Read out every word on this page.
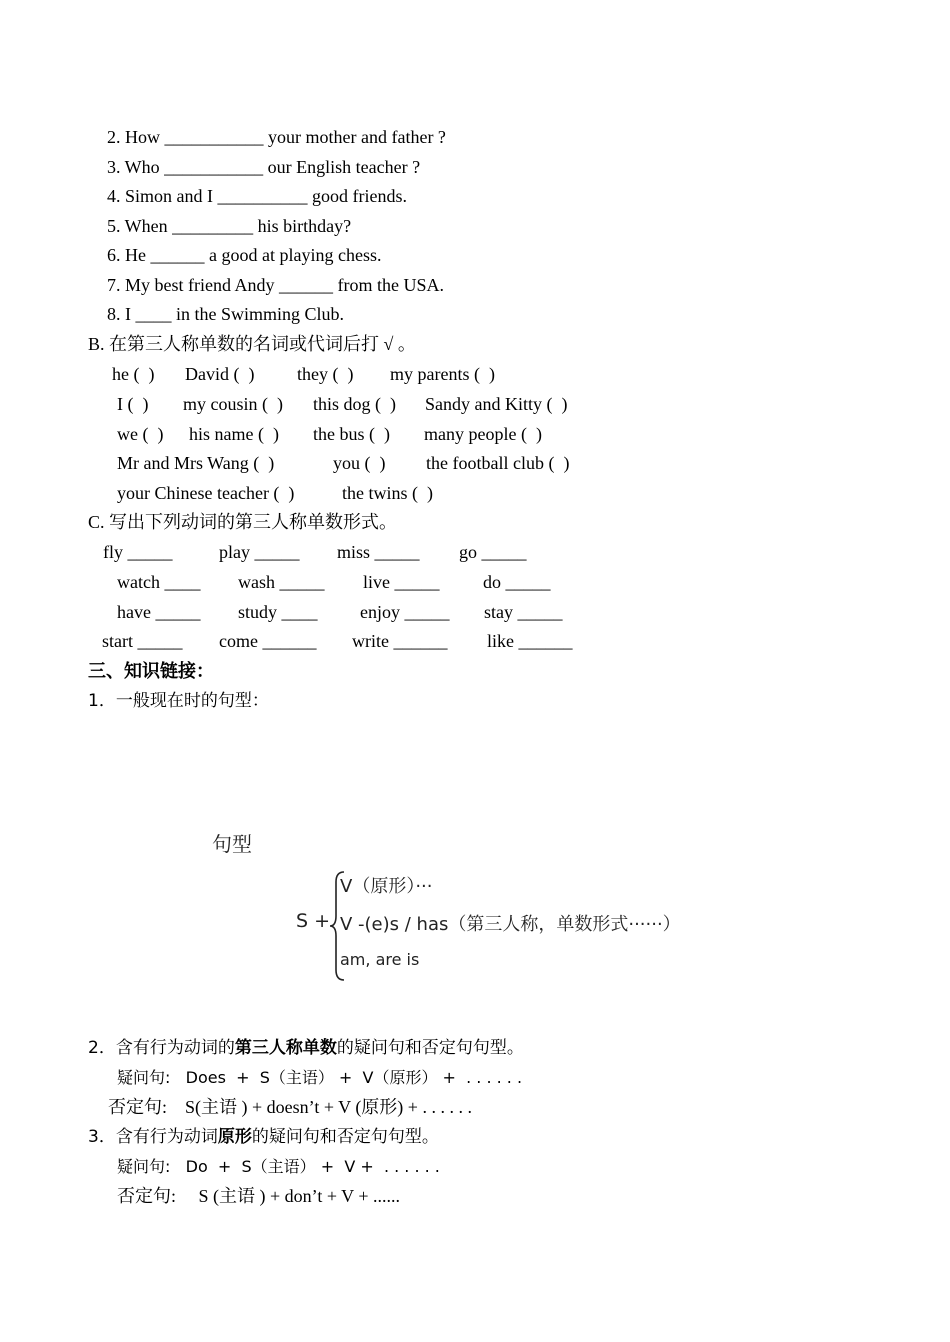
2. How ___________ your mother and father ?
3. Who ___________ our English teacher ?
4. Simon and I __________ good friends.
5. When _________ his birthday?
6. He ______ a good at playing chess.
7. My best friend Andy ______ from the USA.
8. I ____ in the Swimming Club.
B. 在第三人称单数的名词或代词后打 √ 。
he (  ) David (  ) they (  ) my parents (  )
I (  ) my cousin (  ) this dog (  ) Sandy and Kitty (  )
we (  ) his name (  ) the bus (  ) many people (  )
Mr and Mrs Wang (  )	you (  ) the football club (  )
your Chinese teacher (  )	the twins (  )
C. 写出下列动词的第三人称单数形式。
fly _____	play _____ miss _____ go _____
watch ____ wash _____ live _____ do _____
have _____ study ____ enjoy _____ stay _____
start _____ come ______ write ______ like ______
三、知识链接：
1．一般现在时的句型：
句型
S +
V（原形）···
V -(e)s / has（第三人称，单数形式······）
am, are is
2．含有行为动词的第三人称单数的疑问句和否定句句型。
疑问句:   Does  +  S（主语） +  V（原形） +  . . . . . .
否定句:    S(主语 ) + doesn’t + V (原形) + . . . . . .
3．含有行为动词原形的疑问句和否定句句型。
疑问句:   Do  +  S（主语） +  V +  . . . . . .
否定句:     S (主语 ) + don’t + V + ......
